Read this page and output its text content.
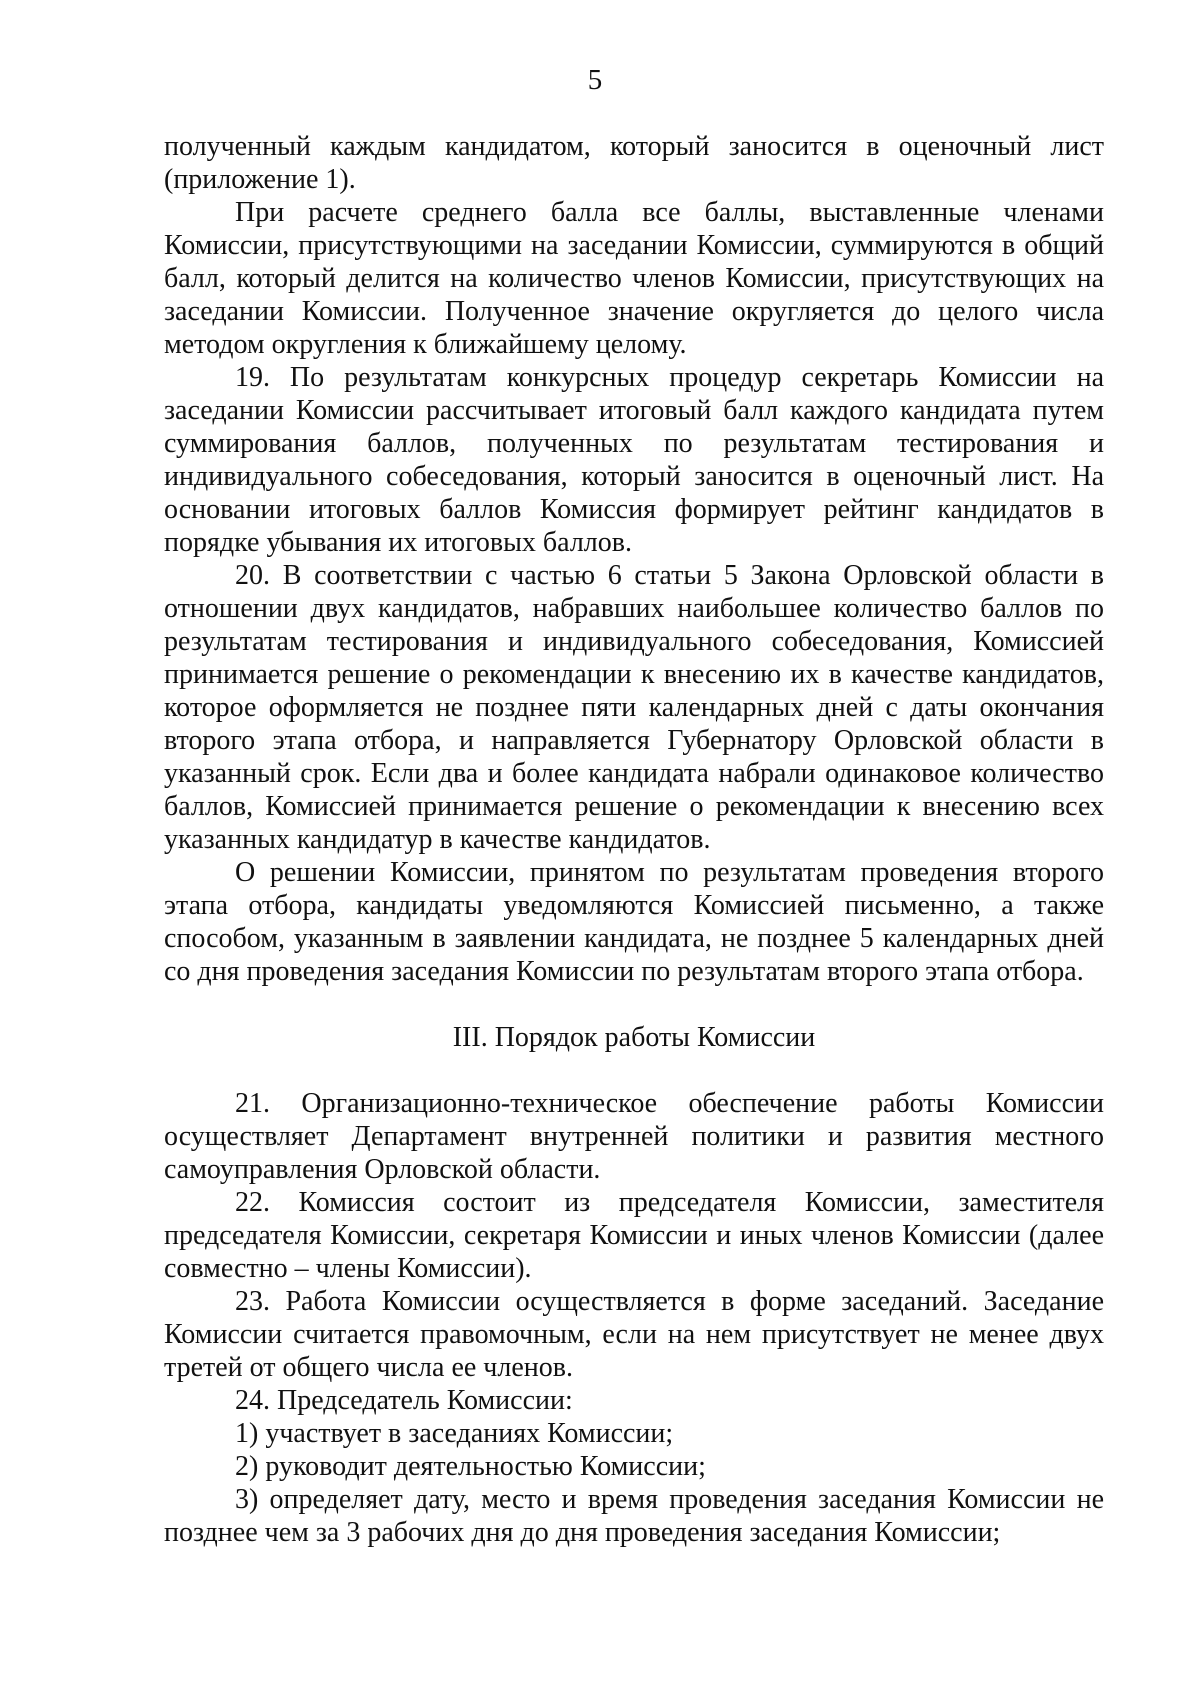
5

полученный каждым кандидатом, который заносится в оценочный лист (приложение 1).

При расчете среднего балла все баллы, выставленные членами Комиссии, присутствующими на заседании Комиссии, суммируются в общий балл, который делится на количество членов Комиссии, присутствующих на заседании Комиссии. Полученное значение округляется до целого числа методом округления к ближайшему целому.

19. По результатам конкурсных процедур секретарь Комиссии на заседании Комиссии рассчитывает итоговый балл каждого кандидата путем суммирования баллов, полученных по результатам тестирования и индивидуального собеседования, который заносится в оценочный лист. На основании итоговых баллов Комиссия формирует рейтинг кандидатов в порядке убывания их итоговых баллов.

20. В соответствии с частью 6 статьи 5 Закона Орловской области в отношении двух кандидатов, набравших наибольшее количество баллов по результатам тестирования и индивидуального собеседования, Комиссией принимается решение о рекомендации к внесению их в качестве кандидатов, которое оформляется не позднее пяти календарных дней с даты окончания второго этапа отбора, и направляется Губернатору Орловской области в указанный срок. Если два и более кандидата набрали одинаковое количество баллов, Комиссией принимается решение о рекомендации к внесению всех указанных кандидатур в качестве кандидатов.

О решении Комиссии, принятом по результатам проведения второго этапа отбора, кандидаты уведомляются Комиссией письменно, а также способом, указанным в заявлении кандидата, не позднее 5 календарных дней со дня проведения заседания Комиссии по результатам второго этапа отбора.

III. Порядок работы Комиссии

21. Организационно-техническое обеспечение работы Комиссии осуществляет Департамент внутренней политики и развития местного самоуправления Орловской области.

22. Комиссия состоит из председателя Комиссии, заместителя председателя Комиссии, секретаря Комиссии и иных членов Комиссии (далее совместно – члены Комиссии).

23. Работа Комиссии осуществляется в форме заседаний. Заседание Комиссии считается правомочным, если на нем присутствует не менее двух третей от общего числа ее членов.

24. Председатель Комиссии:

1) участвует в заседаниях Комиссии;

2) руководит деятельностью Комиссии;

3) определяет дату, место и время проведения заседания Комиссии не позднее чем за 3 рабочих дня до дня проведения заседания Комиссии;
